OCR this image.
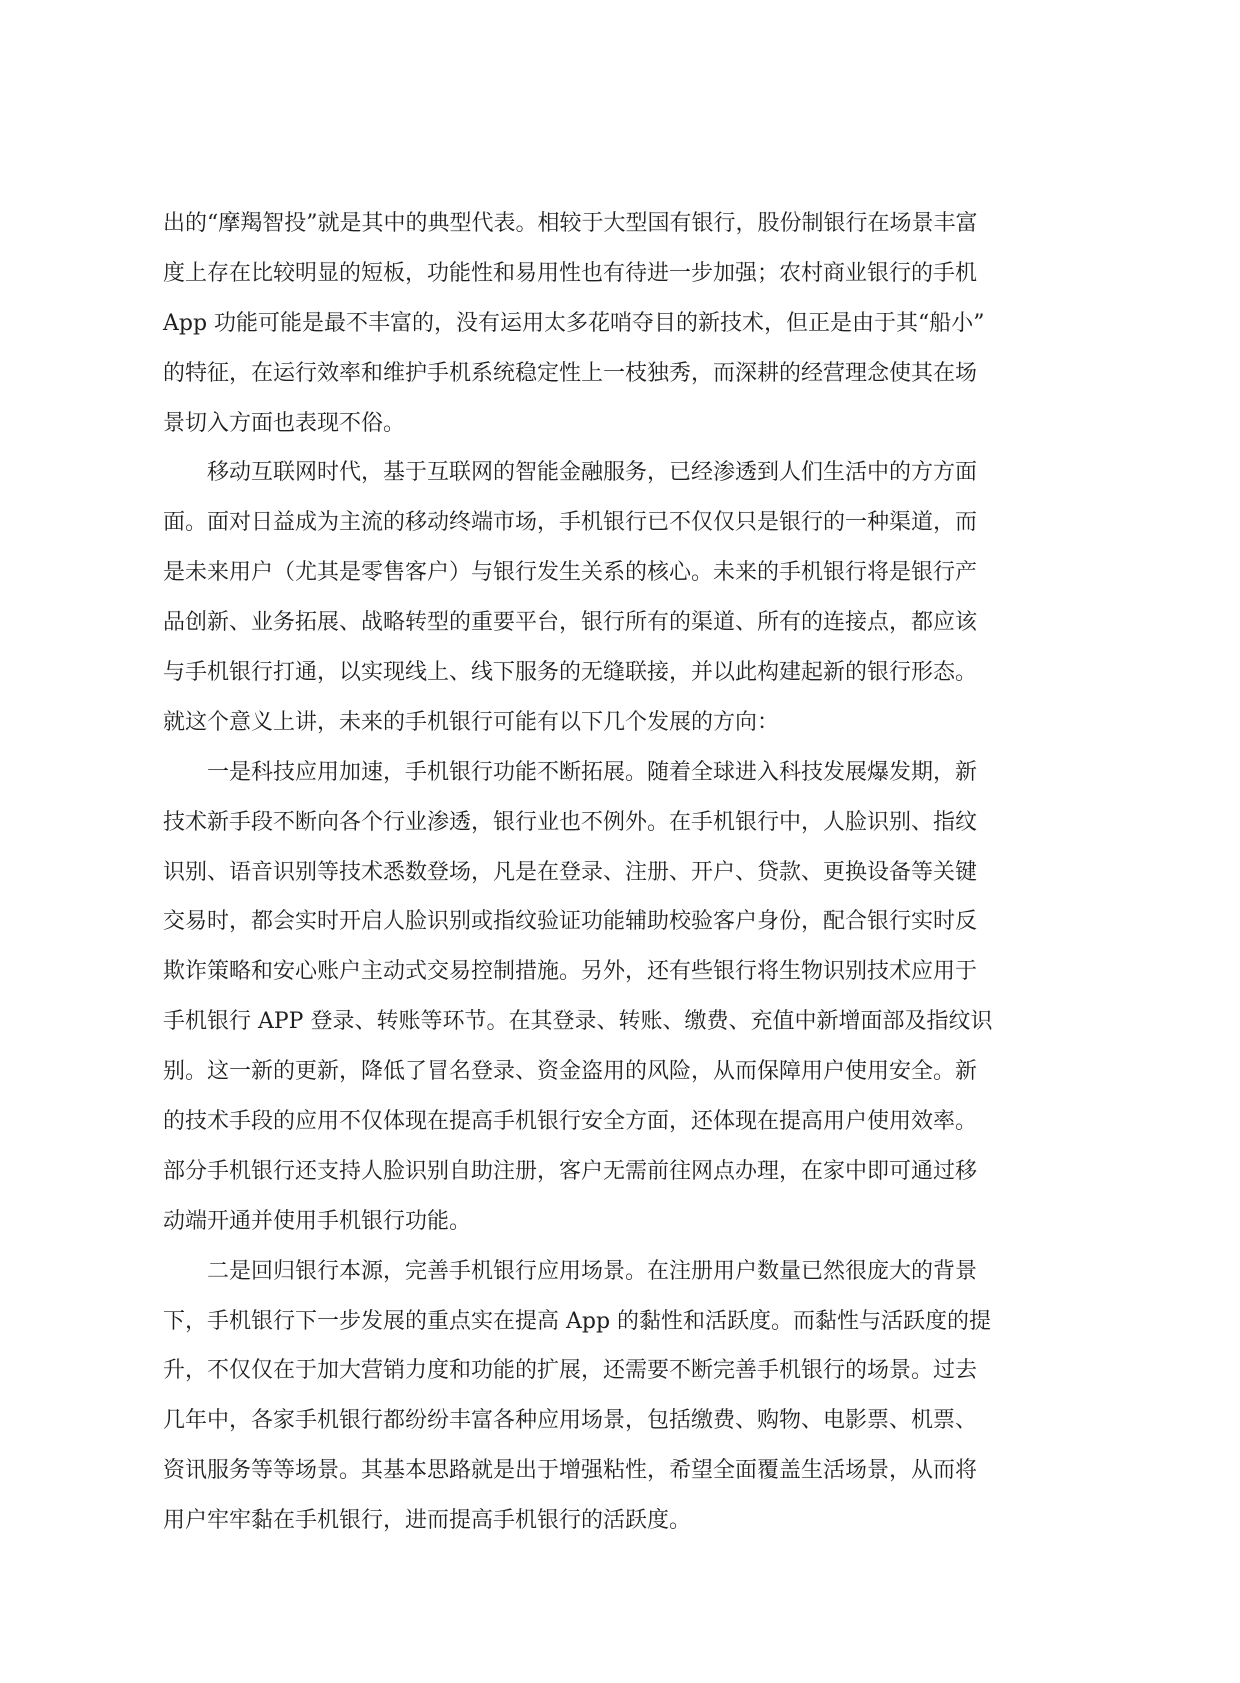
出的“摩羯智投”就是其中的典型代表。相较于大型国有银行，股份制银行在场景丰富
度上存在比较明显的短板，功能性和易用性也有待进一步加强；农村商业银行的手机
App 功能可能是最不丰富的，没有运用太多花哨夺目的新技术，但正是由于其“船小”
的特征，在运行效率和维护手机系统稳定性上一枝独秀，而深耕的经营理念使其在场
景切入方面也表现不俗。
移动互联网时代，基于互联网的智能金融服务，已经渗透到人们生活中的方方面
面。面对日益成为主流的移动终端市场，手机银行已不仅仅只是银行的一种渠道，而
是未来用户（尤其是零售客户）与银行发生关系的核心。未来的手机银行将是银行产
品创新、业务拓展、战略转型的重要平台，银行所有的渠道、所有的连接点，都应该
与手机银行打通，以实现线上、线下服务的无缝联接，并以此构建起新的银行形态。
就这个意义上讲，未来的手机银行可能有以下几个发展的方向：
一是科技应用加速，手机银行功能不断拓展。随着全球进入科技发展爆发期，新
技术新手段不断向各个行业渗透，银行业也不例外。在手机银行中，人脸识别、指纹
识别、语音识别等技术悉数登场，凡是在登录、注册、开户、贷款、更换设备等关键
交易时，都会实时开启人脸识别或指纹验证功能辅助校验客户身份，配合银行实时反
欺诈策略和安心账户主动式交易控制措施。另外，还有些银行将生物识别技术应用于
手机银行 APP 登录、转账等环节。在其登录、转账、缴费、充值中新增面部及指纹识
别。这一新的更新，降低了冒名登录、资金盗用的风险，从而保障用户使用安全。新
的技术手段的应用不仅体现在提高手机银行安全方面，还体现在提高用户使用效率。
部分手机银行还支持人脸识别自助注册，客户无需前往网点办理，在家中即可通过移
动端开通并使用手机银行功能。
二是回归银行本源，完善手机银行应用场景。在注册用户数量已然很庞大的背景
下，手机银行下一步发展的重点实在提高 App 的黏性和活跃度。而黏性与活跃度的提
升，不仅仅在于加大营销力度和功能的扩展，还需要不断完善手机银行的场景。过去
几年中，各家手机银行都纷纷丰富各种应用场景，包括缴费、购物、电影票、机票、
资讯服务等等场景。其基本思路就是出于增强粘性，希望全面覆盖生活场景，从而将
用户牢牢黏在手机银行，进而提高手机银行的活跃度。
